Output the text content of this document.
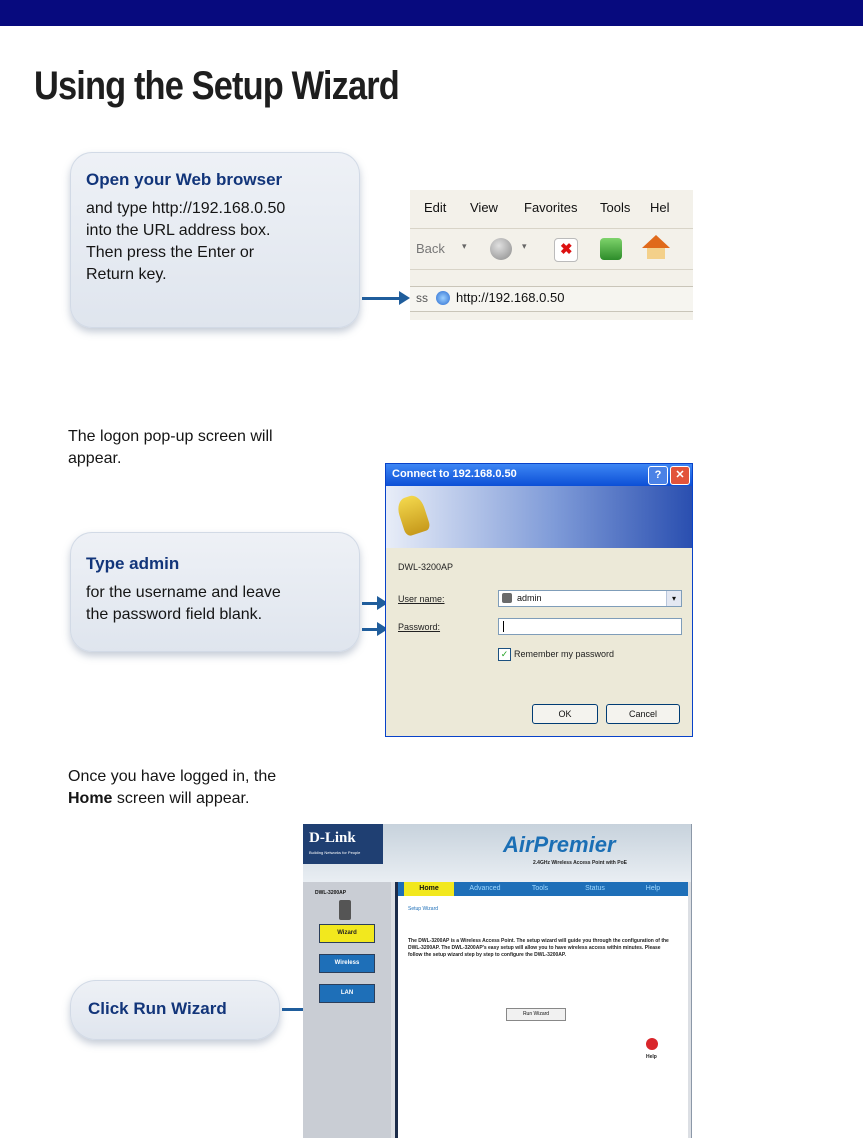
Using the Setup Wizard
Open your Web browser
and type http://192.168.0.50
into the URL address box.
Then press the Enter or
Return key.
Edit View Favorites Tools Hel
Back ▾	▾ ✖
ss http://192.168.0.50
The logon pop-up screen will
appear.
Type admin
for the username and leave
the password field blank.
Connect to 192.168.0.50	?	✕
DWL-3200AP
User name:	admin	▾
Password:
✓ Remember my password
OK	Cancel
Once you have logged in, the
Home screen will appear.
Click Run Wizard
D-Link
Building Networks for People	AirPremier
2.4GHz Wireless Access Point with PoE
DWL-3200AP
Wizard
Wireless
LAN
Home	Advanced	Tools	Status	Help
Setup Wizard
The DWL-3200AP is a Wireless Access Point. The setup wizard will guide you through the configuration of the DWL-3200AP. The DWL-3200AP's easy setup will allow you to have wireless access within minutes. Please follow the setup wizard step by step to configure the DWL-3200AP.
Run Wizard
Help
